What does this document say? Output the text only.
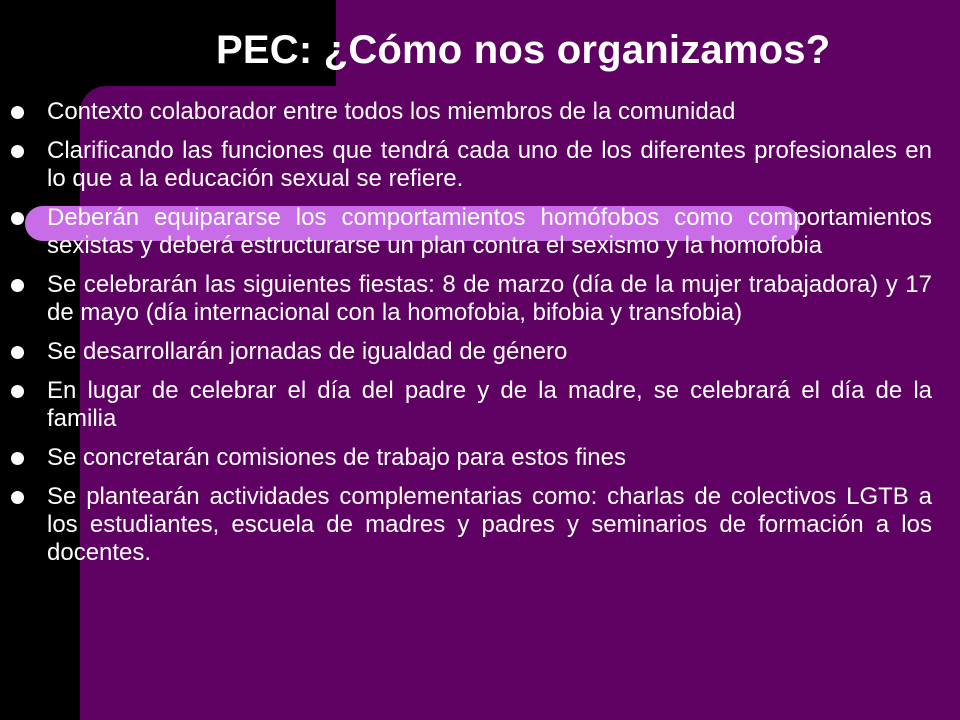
PEC: ¿Cómo nos organizamos?
Contexto colaborador entre todos los miembros de la comunidad
Clarificando las funciones que tendrá cada uno de los diferentes profesionales en lo que a la educación sexual se refiere.
Deberán equipararse los comportamientos homófobos como comportamientos sexistas y deberá estructurarse un plan contra el sexismo y la homofobia
Se celebrarán las siguientes fiestas: 8 de marzo (día de la mujer trabajadora) y 17 de mayo (día internacional con la homofobia, bifobia y transfobia)
Se desarrollarán jornadas de igualdad de género
En lugar de celebrar el día del padre y de la madre, se celebrará el día de la familia
Se concretarán comisiones de trabajo para estos fines
Se plantearán actividades complementarias como: charlas de colectivos LGTB a los estudiantes, escuela de madres y padres y seminarios de formación a los docentes.
